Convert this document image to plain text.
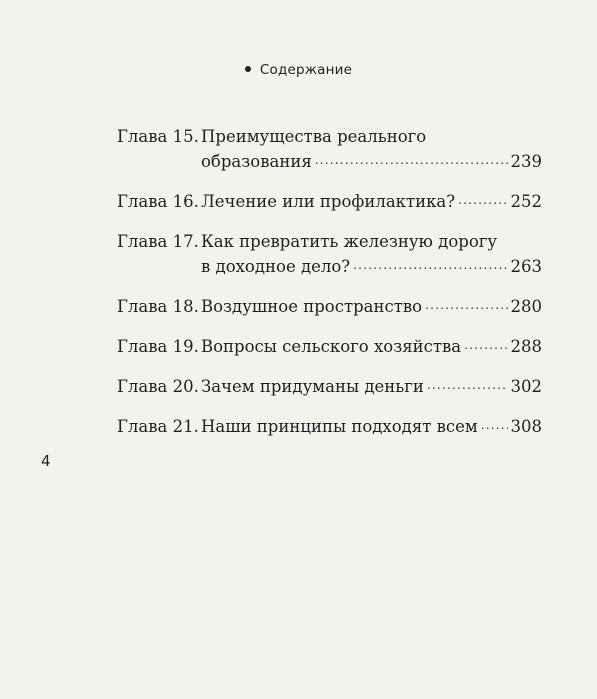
Содержание
Глава 15. Преимущества реального
образования .....	239
Глава 16. Лечение или профилактика? .....	252
Глава 17. Как превратить железную дорогу
в доходное дело? .....	263
Глава 18. Воздушное пространство .....	280
Глава 19. Вопросы сельского хозяйства .....	288
Глава 20. Зачем придуманы деньги .....	302
Глава 21. Наши принципы подходят всем ..... 308
4
